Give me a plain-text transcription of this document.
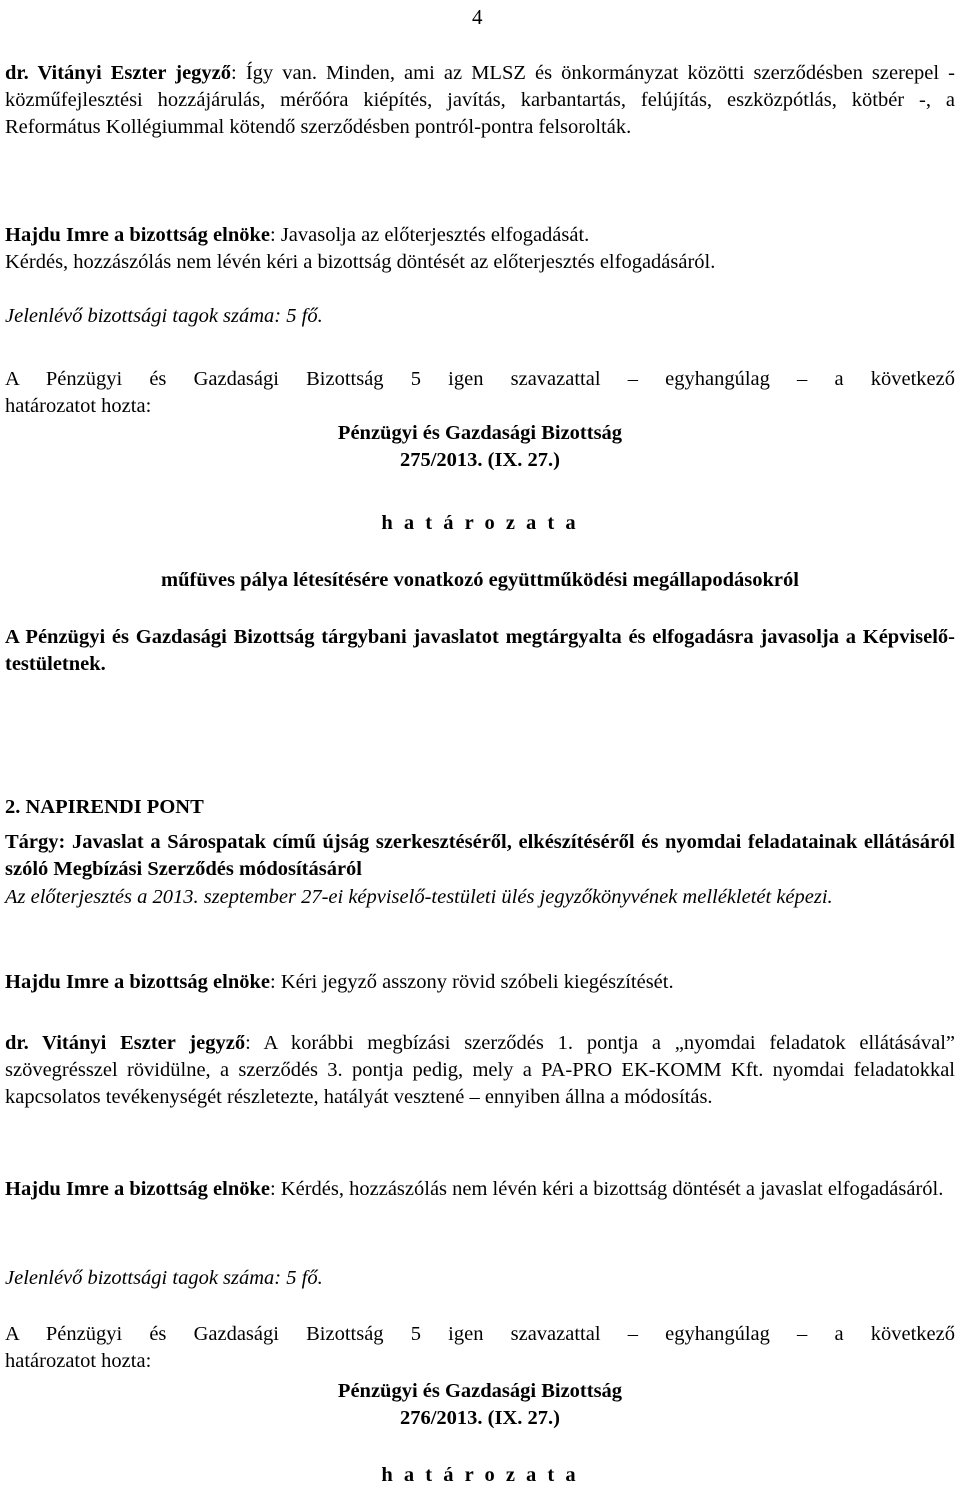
4
dr. Vitányi Eszter jegyző: Így van. Minden, ami az MLSZ és önkormányzat közötti szerződésben szerepel - közműfejlesztési hozzájárulás, mérőóra kiépítés, javítás, karbantartás, felújítás, eszközpótlás, kötbér -, a Református Kollégiummal kötendő szerződésben pontról-pontra felsorolták.

Hajdu Imre a bizottság elnöke: Javasolja az előterjesztés elfogadását.

Kérdés, hozzászólás nem lévén kéri a bizottság döntését az előterjesztés elfogadásáról.

Jelenlévő bizottsági tagok száma: 5 fő.

A Pénzügyi és Gazdasági Bizottság 5 igen szavazattal – egyhangúlag – a következő

határozatot hozta:

Pénzügyi és Gazdasági Bizottság

275/2013. (IX. 27.)

h a t á r o z a t a
műfüves pálya létesítésére vonatkozó együttműködési megállapodásokról
A Pénzügyi és Gazdasági Bizottság tárgybani javaslatot megtárgyalta és elfogadásra javasolja a Képviselő-testületnek.
2. NAPIRENDI PONT
Tárgy: Javaslat a Sárospatak című újság szerkesztéséről, elkészítéséről és nyomdai feladatainak ellátásáról szóló Megbízási Szerződés módosításáról
Az előterjesztés a 2013. szeptember 27-ei képviselő-testületi ülés jegyzőkönyvének mellékletét képezi.
Hajdu Imre a bizottság elnöke: Kéri jegyző asszony rövid szóbeli kiegészítését.
dr. Vitányi Eszter jegyző: A korábbi megbízási szerződés 1. pontja a „nyomdai feladatok ellátásával” szövegrésszel rövidülne, a szerződés 3. pontja pedig, mely a PA-PRO EK-KOMM Kft. nyomdai feladatokkal kapcsolatos tevékenységét részletezte, hatályát vesztené – ennyiben állna a módosítás.
Hajdu Imre a bizottság elnöke: Kérdés, hozzászólás nem lévén kéri a bizottság döntését a javaslat elfogadásáról.
Jelenlévő bizottsági tagok száma: 5 fő.

A Pénzügyi és Gazdasági Bizottság 5 igen szavazattal – egyhangúlag – a következő

határozatot hozta:

Pénzügyi és Gazdasági Bizottság

276/2013. (IX. 27.)

h a t á r o z a t a
